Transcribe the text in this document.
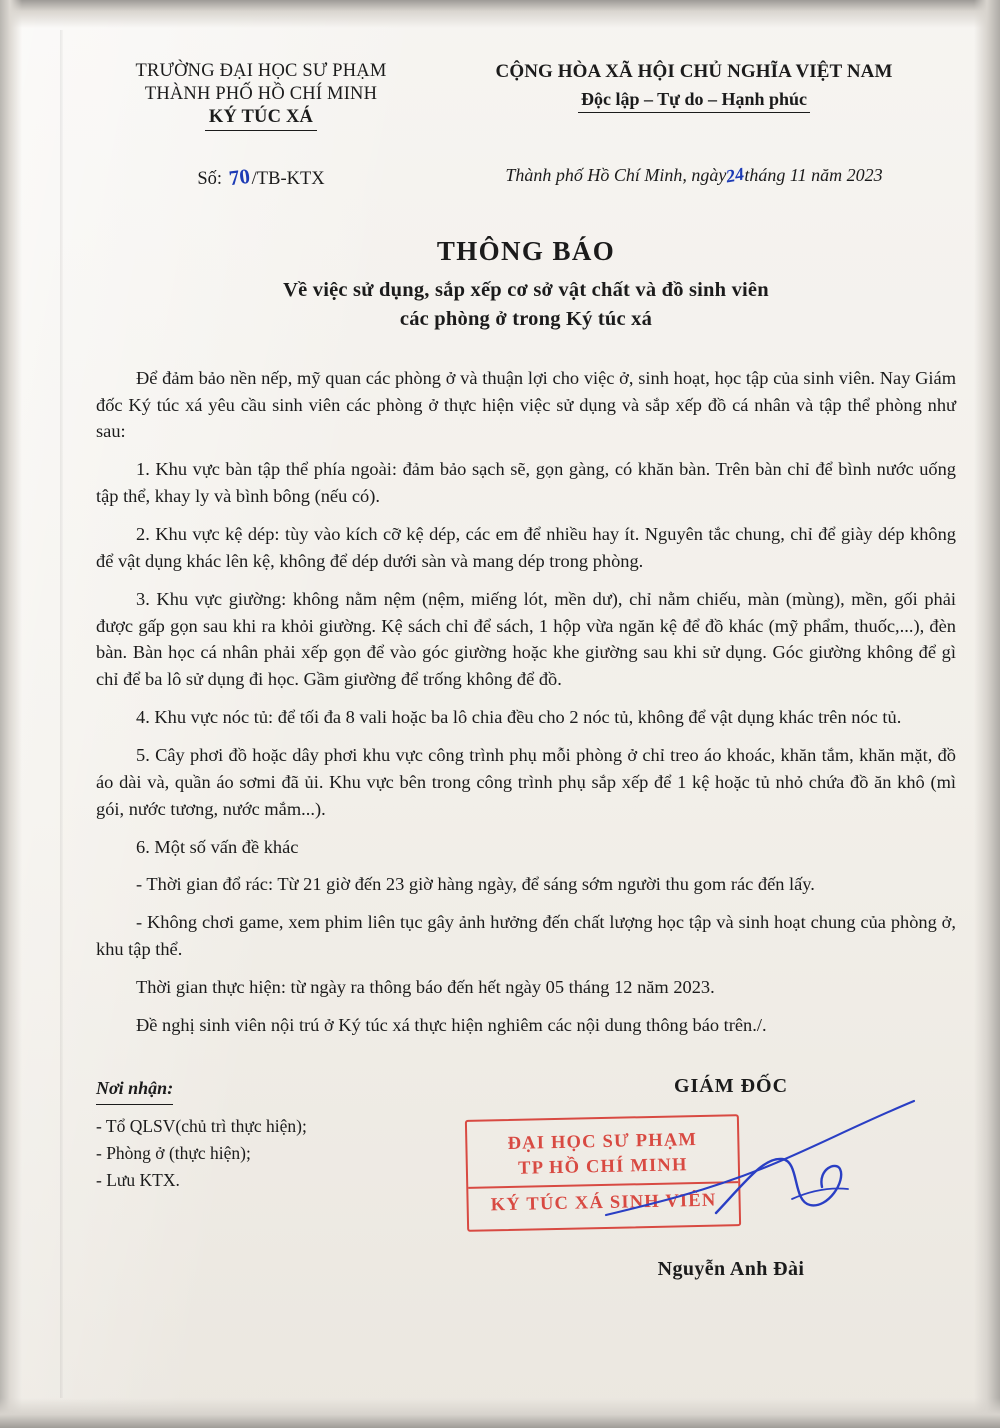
TRƯỜNG ĐẠI HỌC SƯ PHẠM
THÀNH PHỐ HỒ CHÍ MINH
KÝ TÚC XÁ
CỘNG HÒA XÃ HỘI CHỦ NGHĨA VIỆT NAM
Độc lập – Tự do – Hạnh phúc
Số: 70/TB-KTX	Thành phố Hồ Chí Minh, ngày24tháng 11 năm 2023
THÔNG BÁO
Về việc sử dụng, sắp xếp cơ sở vật chất và đồ sinh viên
các phòng ở trong Ký túc xá

Để đảm bảo nền nếp, mỹ quan các phòng ở và thuận lợi cho việc ở, sinh hoạt, học tập của sinh viên. Nay Giám đốc Ký túc xá yêu cầu sinh viên các phòng ở thực hiện việc sử dụng và sắp xếp đồ cá nhân và tập thể phòng như sau:

1. Khu vực bàn tập thể phía ngoài: đảm bảo sạch sẽ, gọn gàng, có khăn bàn. Trên bàn chỉ để bình nước uống tập thể, khay ly và bình bông (nếu có).

2. Khu vực kệ dép: tùy vào kích cỡ kệ dép, các em để nhiều hay ít. Nguyên tắc chung, chỉ để giày dép không để vật dụng khác lên kệ, không để dép dưới sàn và mang dép trong phòng.

3. Khu vực giường: không nằm nệm (nệm, miếng lót, mền dư), chỉ nằm chiếu, màn (mùng), mền, gối phải được gấp gọn sau khi ra khỏi giường. Kệ sách chỉ để sách, 1 hộp vừa ngăn kệ để đồ khác (mỹ phẩm, thuốc,...), đèn bàn. Bàn học cá nhân phải xếp gọn để vào góc giường hoặc khe giường sau khi sử dụng. Góc giường không để gì chỉ để ba lô sử dụng đi học. Gầm giường để trống không để đồ.

4. Khu vực nóc tủ: để tối đa 8 vali hoặc ba lô chia đều cho 2 nóc tủ, không để vật dụng khác trên nóc tủ.

5. Cây phơi đồ hoặc dây phơi khu vực công trình phụ mỗi phòng ở chỉ treo áo khoác, khăn tắm, khăn mặt, đồ áo dài và, quần áo sơmi đã ủi. Khu vực bên trong công trình phụ sắp xếp để 1 kệ hoặc tủ nhỏ chứa đồ ăn khô (mì gói, nước tương, nước mắm...).

6. Một số vấn đề khác

- Thời gian đổ rác: Từ 21 giờ đến 23 giờ hàng ngày, để sáng sớm người thu gom rác đến lấy.

- Không chơi game, xem phim liên tục gây ảnh hưởng đến chất lượng học tập và sinh hoạt chung của phòng ở, khu tập thể.

Thời gian thực hiện: từ ngày ra thông báo đến hết ngày 05 tháng 12 năm 2023.

Đề nghị sinh viên nội trú ở Ký túc xá thực hiện nghiêm các nội dung thông báo trên./.

Nơi nhận:
- Tổ QLSV(chủ trì thực hiện);
- Phòng ở (thực hiện);
- Lưu KTX.
GIÁM ĐỐC
ĐẠI HỌC SƯ PHẠM
TP HỒ CHÍ MINH
KÝ TÚC XÁ SINH VIÊN
Nguyễn Anh Đài
